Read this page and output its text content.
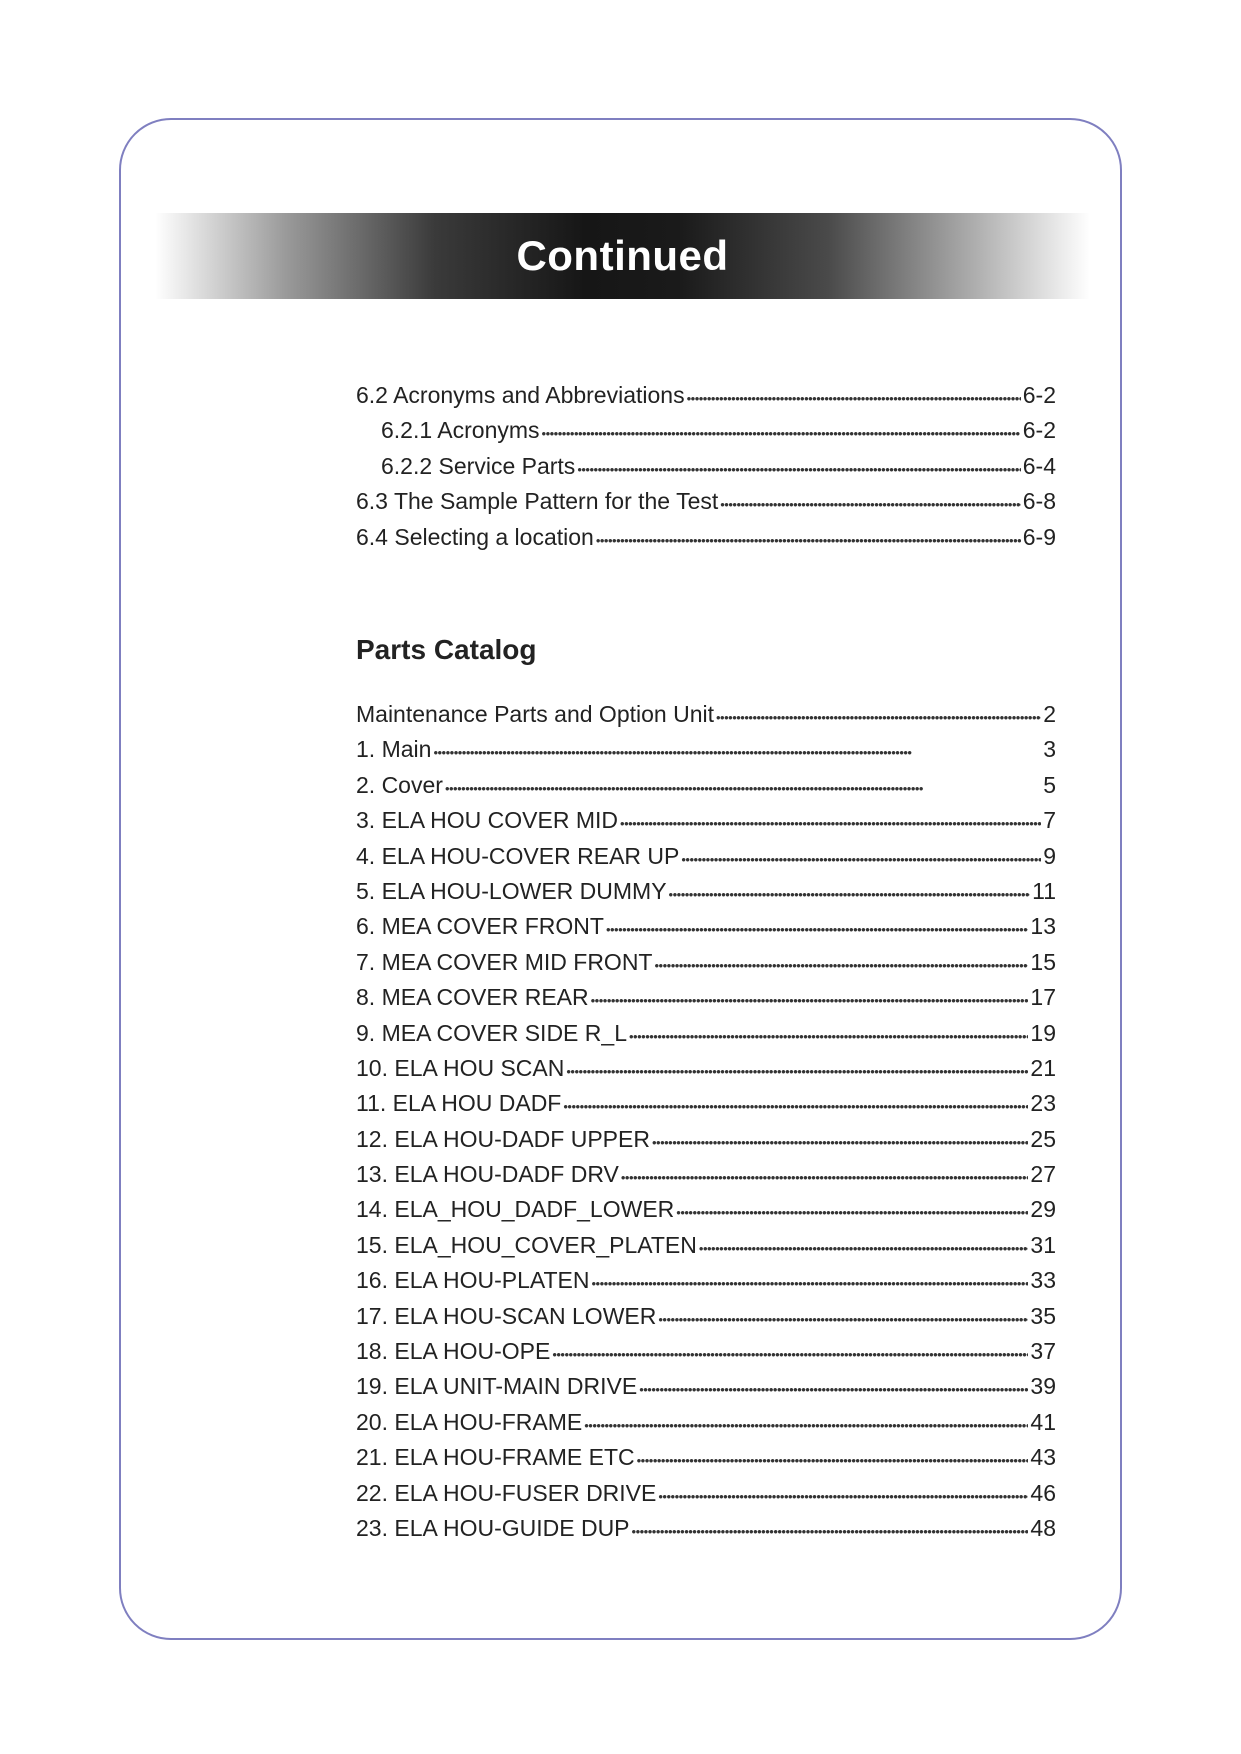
Continued
6.2 Acronyms and Abbreviations •••••	6-2
6.2.1 Acronyms •••••	6-2
6.2.2 Service Parts •••••	6-4
6.3 The Sample Pattern for the Test •••••	6-8
6.4 Selecting a location •••••	6-9
Parts Catalog
Maintenance Parts and Option Unit •••••	2
1. Main •••••	3
2. Cover •••••	5
3. ELA HOU COVER MID •••••	7
4. ELA HOU-COVER REAR UP •••••	9
5. ELA HOU-LOWER DUMMY •••••	11
6. MEA COVER FRONT •••••	13
7. MEA COVER MID FRONT •••••	15
8. MEA COVER REAR •••••	17
9. MEA COVER SIDE R_L •••••	19
10. ELA HOU SCAN •••••	21
11. ELA HOU DADF •••••	23
12. ELA HOU-DADF UPPER •••••	25
13. ELA HOU-DADF DRV •••••	27
14. ELA_HOU_DADF_LOWER •••••	29
15. ELA_HOU_COVER_PLATEN •••••	31
16. ELA HOU-PLATEN •••••	33
17. ELA HOU-SCAN LOWER •••••	35
18. ELA HOU-OPE •••••	37
19. ELA UNIT-MAIN DRIVE •••••	39
20. ELA HOU-FRAME •••••	41
21. ELA HOU-FRAME ETC •••••	43
22. ELA HOU-FUSER DRIVE •••••	46
23. ELA HOU-GUIDE DUP •••••	48
